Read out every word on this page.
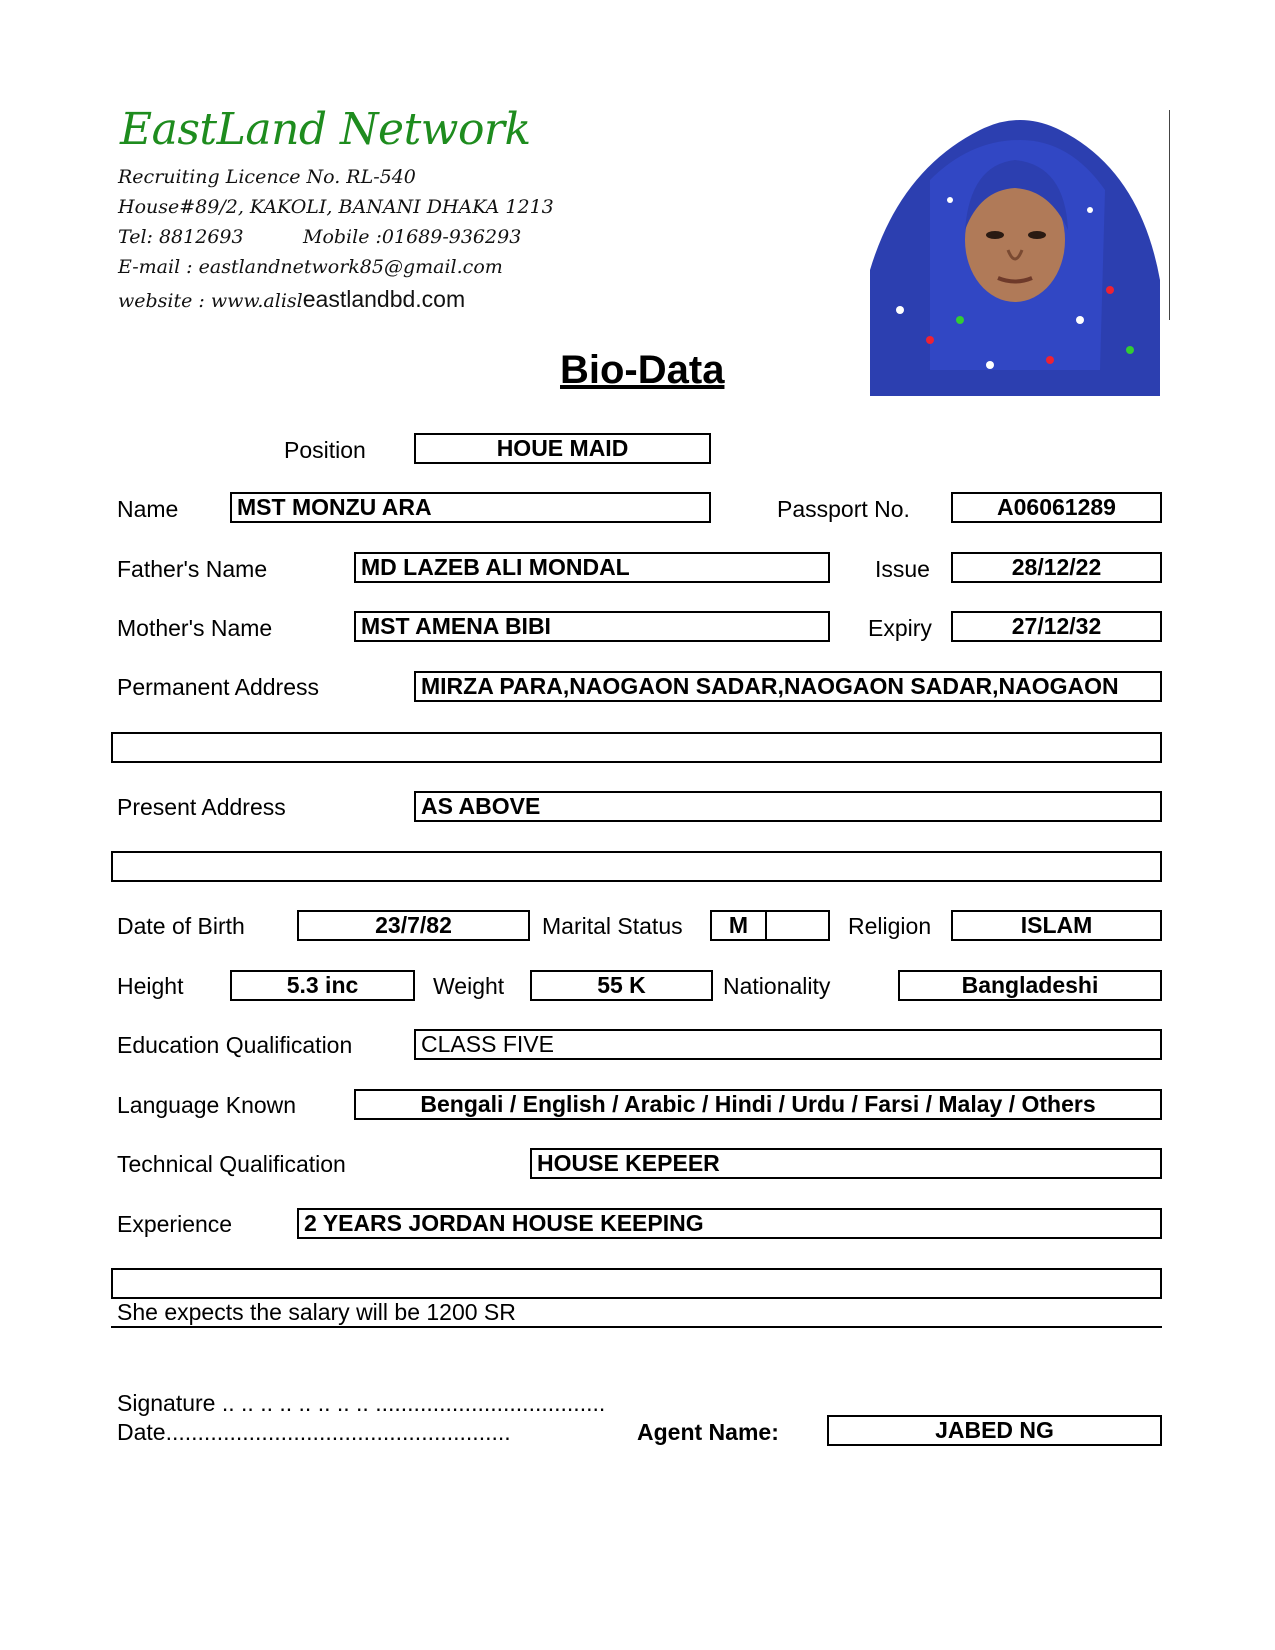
EastLand Network
Recruiting Licence No. RL-540
House#89/2, KAKOLI, BANANI DHAKA 1213
Tel: 8812693	Mobile :01689-936293
E-mail : eastlandnetwork85@gmail.com
website : www.alisleastlandbd.com
Bio-Data
Position	HOUE MAID
Name	MST MONZU ARA	Passport No.	A06061289
Father's Name	MD LAZEB ALI MONDAL	Issue	28/12/22
Mother's Name	MST AMENA BIBI	Expiry	27/12/32
Permanent Address	MIRZA PARA,NAOGAON SADAR,NAOGAON SADAR,NAOGAON
Present Address	AS ABOVE
Date of Birth	23/7/82	Marital Status	M	Religion	ISLAM
Height	5.3 inc	Weight	55 K	Nationality	Bangladeshi
Education Qualification	CLASS FIVE
Language Known	Bengali / English / Arabic / Hindi / Urdu / Farsi / Malay / Others
Technical Qualification	HOUSE KEPEER
Experience	2 YEARS JORDAN HOUSE KEEPING
She expects the salary will be 1200 SR
Signature .. .. .. .. .. .. .. .. ....................................
Date......................................................	Agent Name:	JABED NG
